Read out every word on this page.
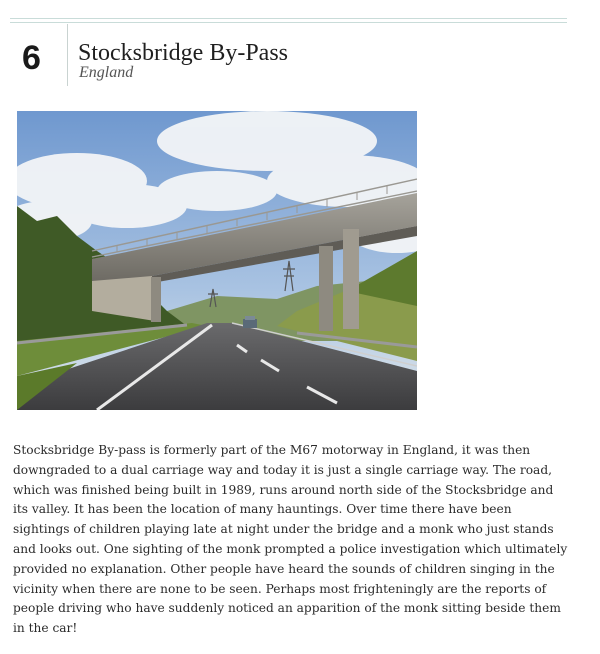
6	Stocksbridge By-Pass
England

Stocksbridge By-pass is formerly part of the M67 motorway in England, it was then downgraded to a dual carriage way and today it is just a single carriage way. The road, which was finished being built in 1989, runs around north side of the Stocksbridge and its valley. It has been the location of many hauntings. Over time there have been sightings of children playing late at night under the bridge and a monk who just stands and looks out. One sighting of the monk prompted a police investigation which ultimately provided no explanation. Other people have heard the sounds of children singing in the vicinity when there are none to be seen. Perhaps most frighteningly are the reports of people driving who have suddenly noticed an apparition of the monk sitting beside them in the car!
